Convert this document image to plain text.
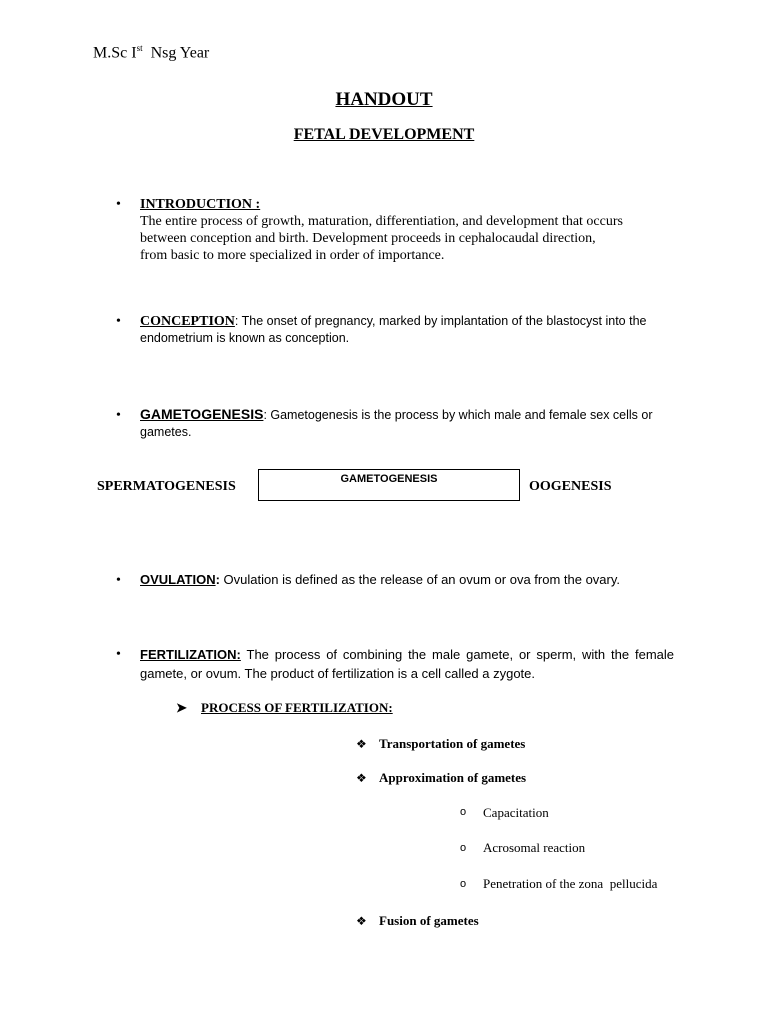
M.Sc Ist  Nsg Year
HANDOUT
FETAL DEVELOPMENT
• INTRODUCTION :
The entire process of growth, maturation, differentiation, and development that occurs
between conception and birth. Development proceeds in cephalocaudal direction,
from basic to more specialized in order of importance.
• CONCEPTION: The onset of pregnancy, marked by implantation of the blastocyst into the endometrium is known as conception.
• GAMETOGENESIS: Gametogenesis is the process by which male and female sex cells or gametes.
SPERMATOGENESIS	GAMETOGENESIS	OOGENESIS
• OVULATION: Ovulation is defined as the release of an ovum or ova from the ovary.
• FERTILIZATION: The process of combining the male gamete, or sperm, with the female gamete, or ovum. The product of fertilization is a cell called a zygote.
➤ PROCESS OF FERTILIZATION:
❖ Transportation of gametes
❖ Approximation of gametes
o Capacitation
o Acrosomal reaction
o Penetration of the zona  pellucida
❖ Fusion of gametes
